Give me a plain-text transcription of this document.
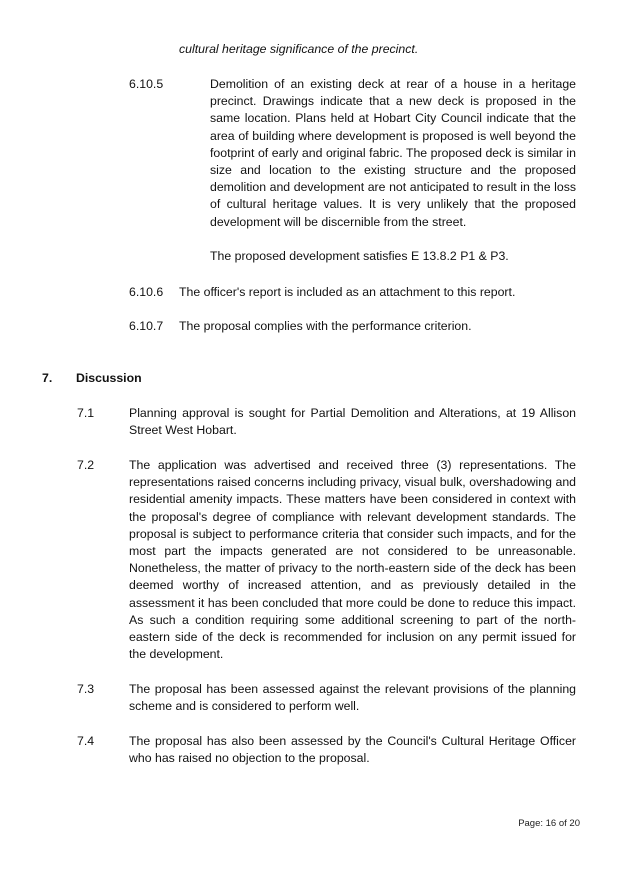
cultural heritage significance of the precinct.
6.10.5	Demolition of an existing deck at rear of a house in a heritage precinct. Drawings indicate that a new deck is proposed in the same location. Plans held at Hobart City Council indicate that the area of building where development is proposed is well beyond the footprint of early and original fabric. The proposed deck is similar in size and location to the existing structure and the proposed demolition and development are not anticipated to result in the loss of cultural heritage values. It is very unlikely that the proposed development will be discernible from the street.
The proposed development satisfies E 13.8.2 P1 & P3.
6.10.6 The officer's report is included as an attachment to this report.
6.10.7 The proposal complies with the performance criterion.
7. Discussion
7.1	Planning approval is sought for Partial Demolition and Alterations, at 19 Allison Street West Hobart.
7.2	The application was advertised and received three (3) representations. The representations raised concerns including privacy, visual bulk, overshadowing and residential amenity impacts. These matters have been considered in context with the proposal's degree of compliance with relevant development standards. The proposal is subject to performance criteria that consider such impacts, and for the most part the impacts generated are not considered to be unreasonable. Nonetheless, the matter of privacy to the north-eastern side of the deck has been deemed worthy of increased attention, and as previously detailed in the assessment it has been concluded that more could be done to reduce this impact. As such a condition requiring some additional screening to part of the north-eastern side of the deck is recommended for inclusion on any permit issued for the development.
7.3	The proposal has been assessed against the relevant provisions of the planning scheme and is considered to perform well.
7.4	The proposal has also been assessed by the Council's Cultural Heritage Officer who has raised no objection to the proposal.
Page: 16 of 20
